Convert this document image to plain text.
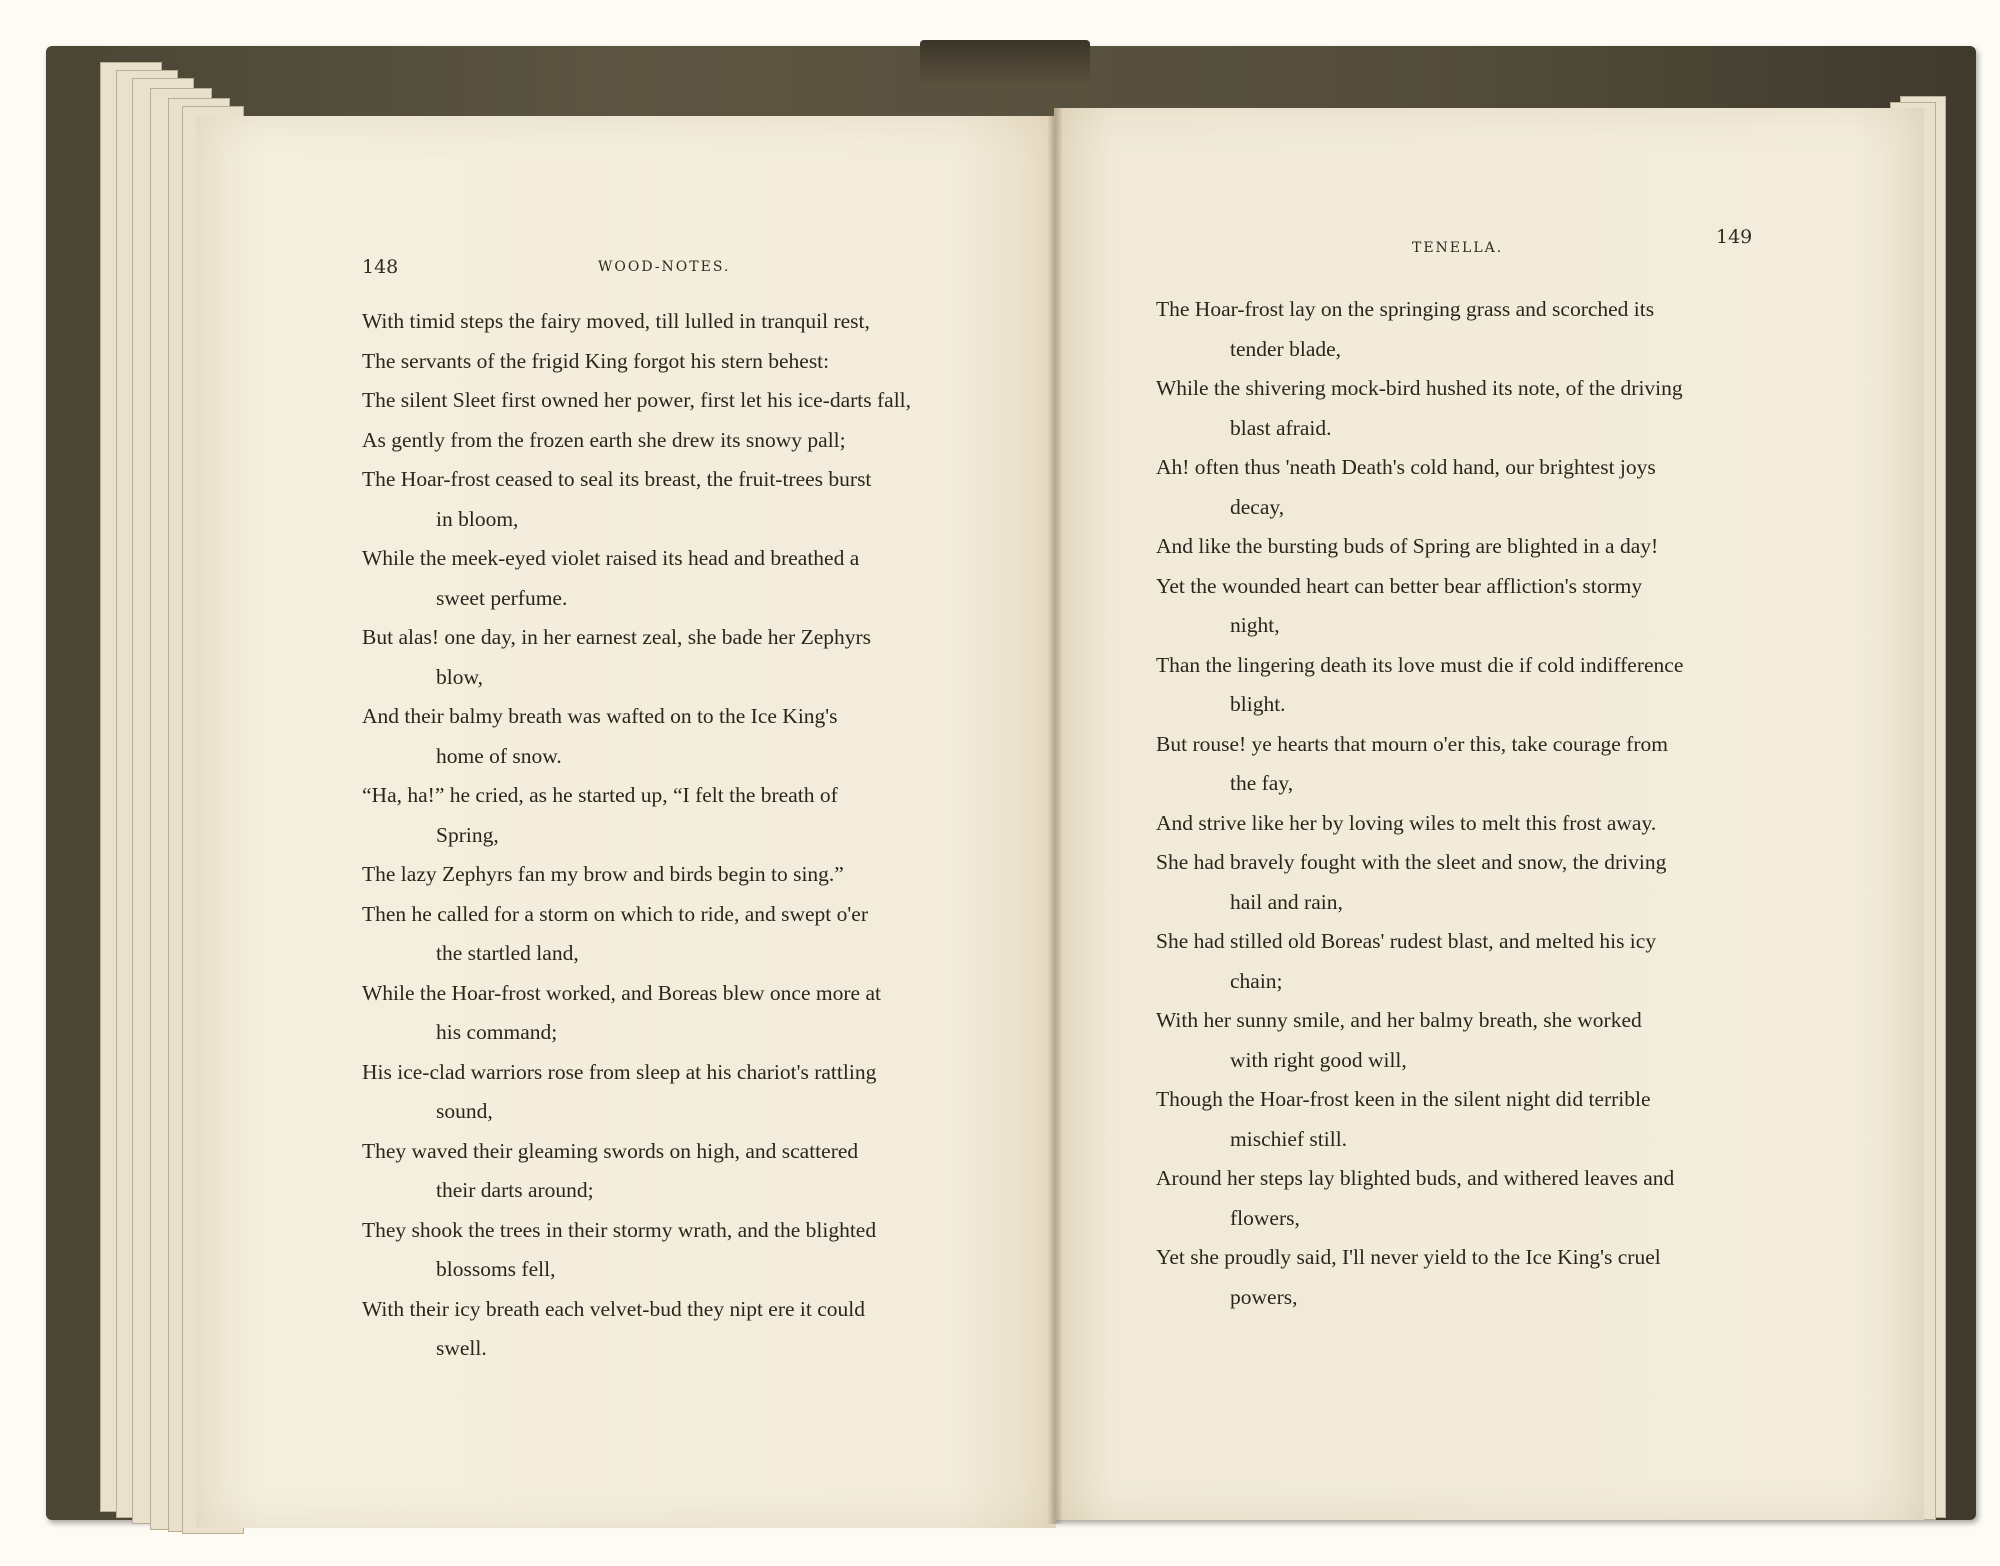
148	WOOD-NOTES.
With timid steps the fairy moved, till lulled in tranquil rest,
The servants of the frigid King forgot his stern behest:
The silent Sleet first owned her power, first let his ice-darts fall,
As gently from the frozen earth she drew its snowy pall;
The Hoar-frost ceased to seal its breast, the fruit-trees burst
in bloom,
While the meek-eyed violet raised its head and breathed a
sweet perfume.
But alas! one day, in her earnest zeal, she bade her Zephyrs
blow,
And their balmy breath was wafted on to the Ice King's
home of snow.
“Ha, ha!” he cried, as he started up, “I felt the breath of
Spring,
The lazy Zephyrs fan my brow and birds begin to sing.”
Then he called for a storm on which to ride, and swept o'er
the startled land,
While the Hoar-frost worked, and Boreas blew once more at
his command;
His ice-clad warriors rose from sleep at his chariot's rattling
sound,
They waved their gleaming swords on high, and scattered
their darts around;
They shook the trees in their stormy wrath, and the blighted
blossoms fell,
With their icy breath each velvet-bud they nipt ere it could
swell.
TENELLA.	149
The Hoar-frost lay on the springing grass and scorched its
tender blade,
While the shivering mock-bird hushed its note, of the driving
blast afraid.
Ah! often thus 'neath Death's cold hand, our brightest joys
decay,
And like the bursting buds of Spring are blighted in a day!
Yet the wounded heart can better bear affliction's stormy
night,
Than the lingering death its love must die if cold indifference
blight.
But rouse! ye hearts that mourn o'er this, take courage from
the fay,
And strive like her by loving wiles to melt this frost away.
She had bravely fought with the sleet and snow, the driving
hail and rain,
She had stilled old Boreas' rudest blast, and melted his icy
chain;
With her sunny smile, and her balmy breath, she worked
with right good will,
Though the Hoar-frost keen in the silent night did terrible
mischief still.
Around her steps lay blighted buds, and withered leaves and
flowers,
Yet she proudly said, I'll never yield to the Ice King's cruel
powers,
